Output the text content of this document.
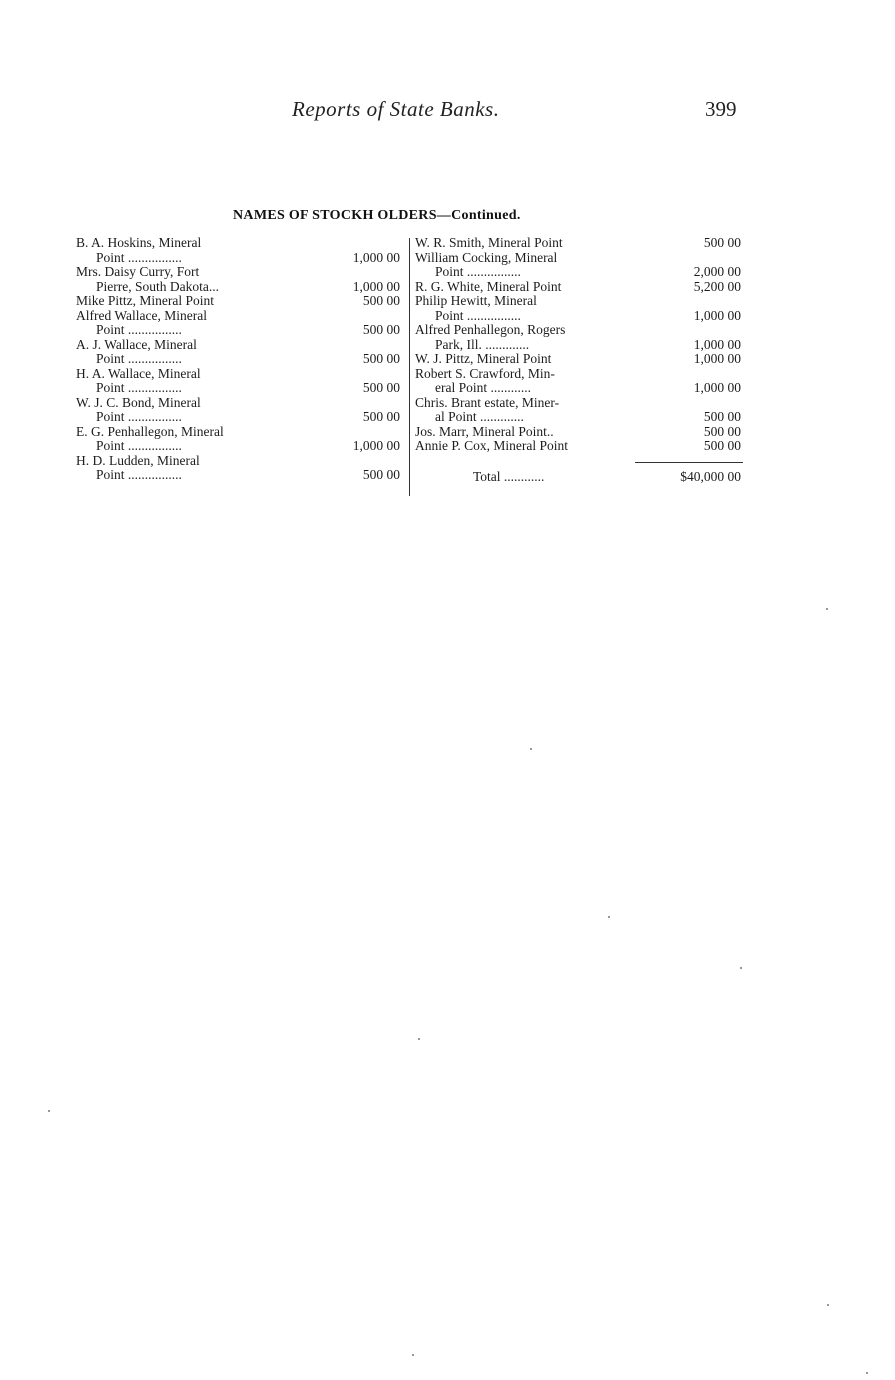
Reports of State Banks.	399
NAMES OF STOCKH OLDERS—Continued.
B. A. Hoskins, Mineral
Point ................	1,000 00
Mrs. Daisy Curry, Fort
Pierre, South Dakota...	1,000 00
Mike Pittz, Mineral Point	500 00
Alfred Wallace, Mineral
Point ................	500 00
A. J. Wallace, Mineral
Point ................	500 00
H. A. Wallace, Mineral
Point ................	500 00
W. J. C. Bond, Mineral
Point ................	500 00
E. G. Penhallegon, Mineral
Point ................	1,000 00
H. D. Ludden, Mineral
Point ................	500 00
W. R. Smith, Mineral Point	500 00
William Cocking, Mineral
Point ................	2,000 00
R. G. White, Mineral Point	5,200 00
Philip Hewitt, Mineral
Point ................	1,000 00
Alfred Penhallegon, Rogers
Park, Ill. .............	1,000 00
W. J. Pittz, Mineral Point	1,000 00
Robert S. Crawford, Min-
eral Point ............	1,000 00
Chris. Brant estate, Miner-
al Point .............	500 00
Jos. Marr, Mineral Point..	500 00
Annie P. Cox, Mineral Point	500 00
Total ............	$40,000 00
